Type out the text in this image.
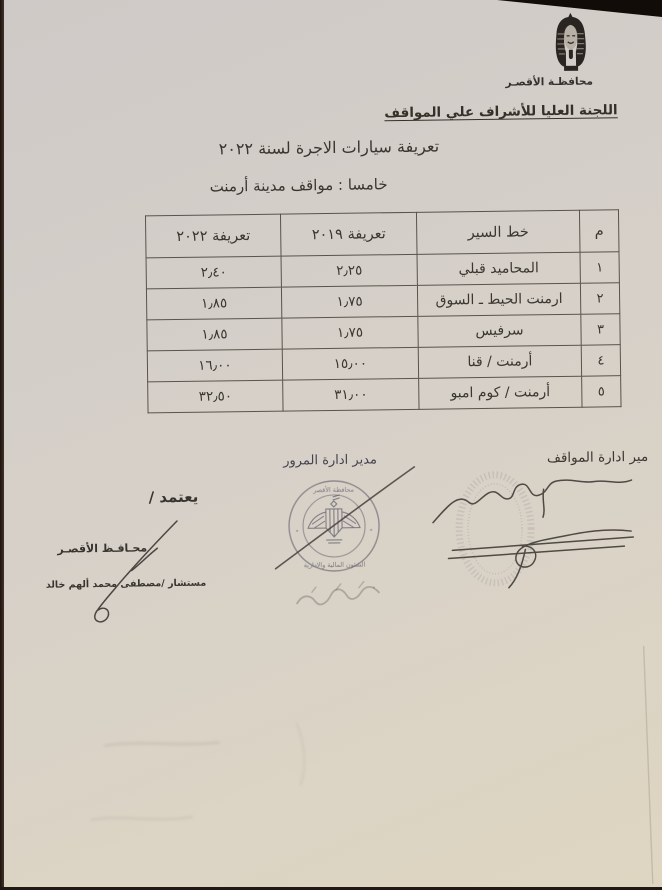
محافظـة الأقصـر
اللجنة العليا للأشراف علي المواقف
تعريفة سيارات الاجرة لسنة ٢٠٢٢
خامسا : مواقف مدينة أرمنت
م	خط السير	تعريفة ٢٠١٩	تعريفة ٢٠٢٢
١	المحاميد قبلي	٢٫٢٥	٢٫٤٠
٢	ارمنت الحيط ـ السوق	١٫٧٥	١٫٨٥
٣	سرفيس	١٫٧٥	١٫٨٥
٤	أرمنت / قنا	١٥٫٠٠	١٦٫٠٠
٥	أرمنت / كوم امبو	٣١٫٠٠	٣٢٫٥٠
مير ادارة المواقف
مدير ادارة المرور
يعتمد /
محـافـظ الأقصـر
مستشار /مصطفى محمد ألهم خالد
محافظة الأقصر
الشئون المالية والادارية
٭	٭
